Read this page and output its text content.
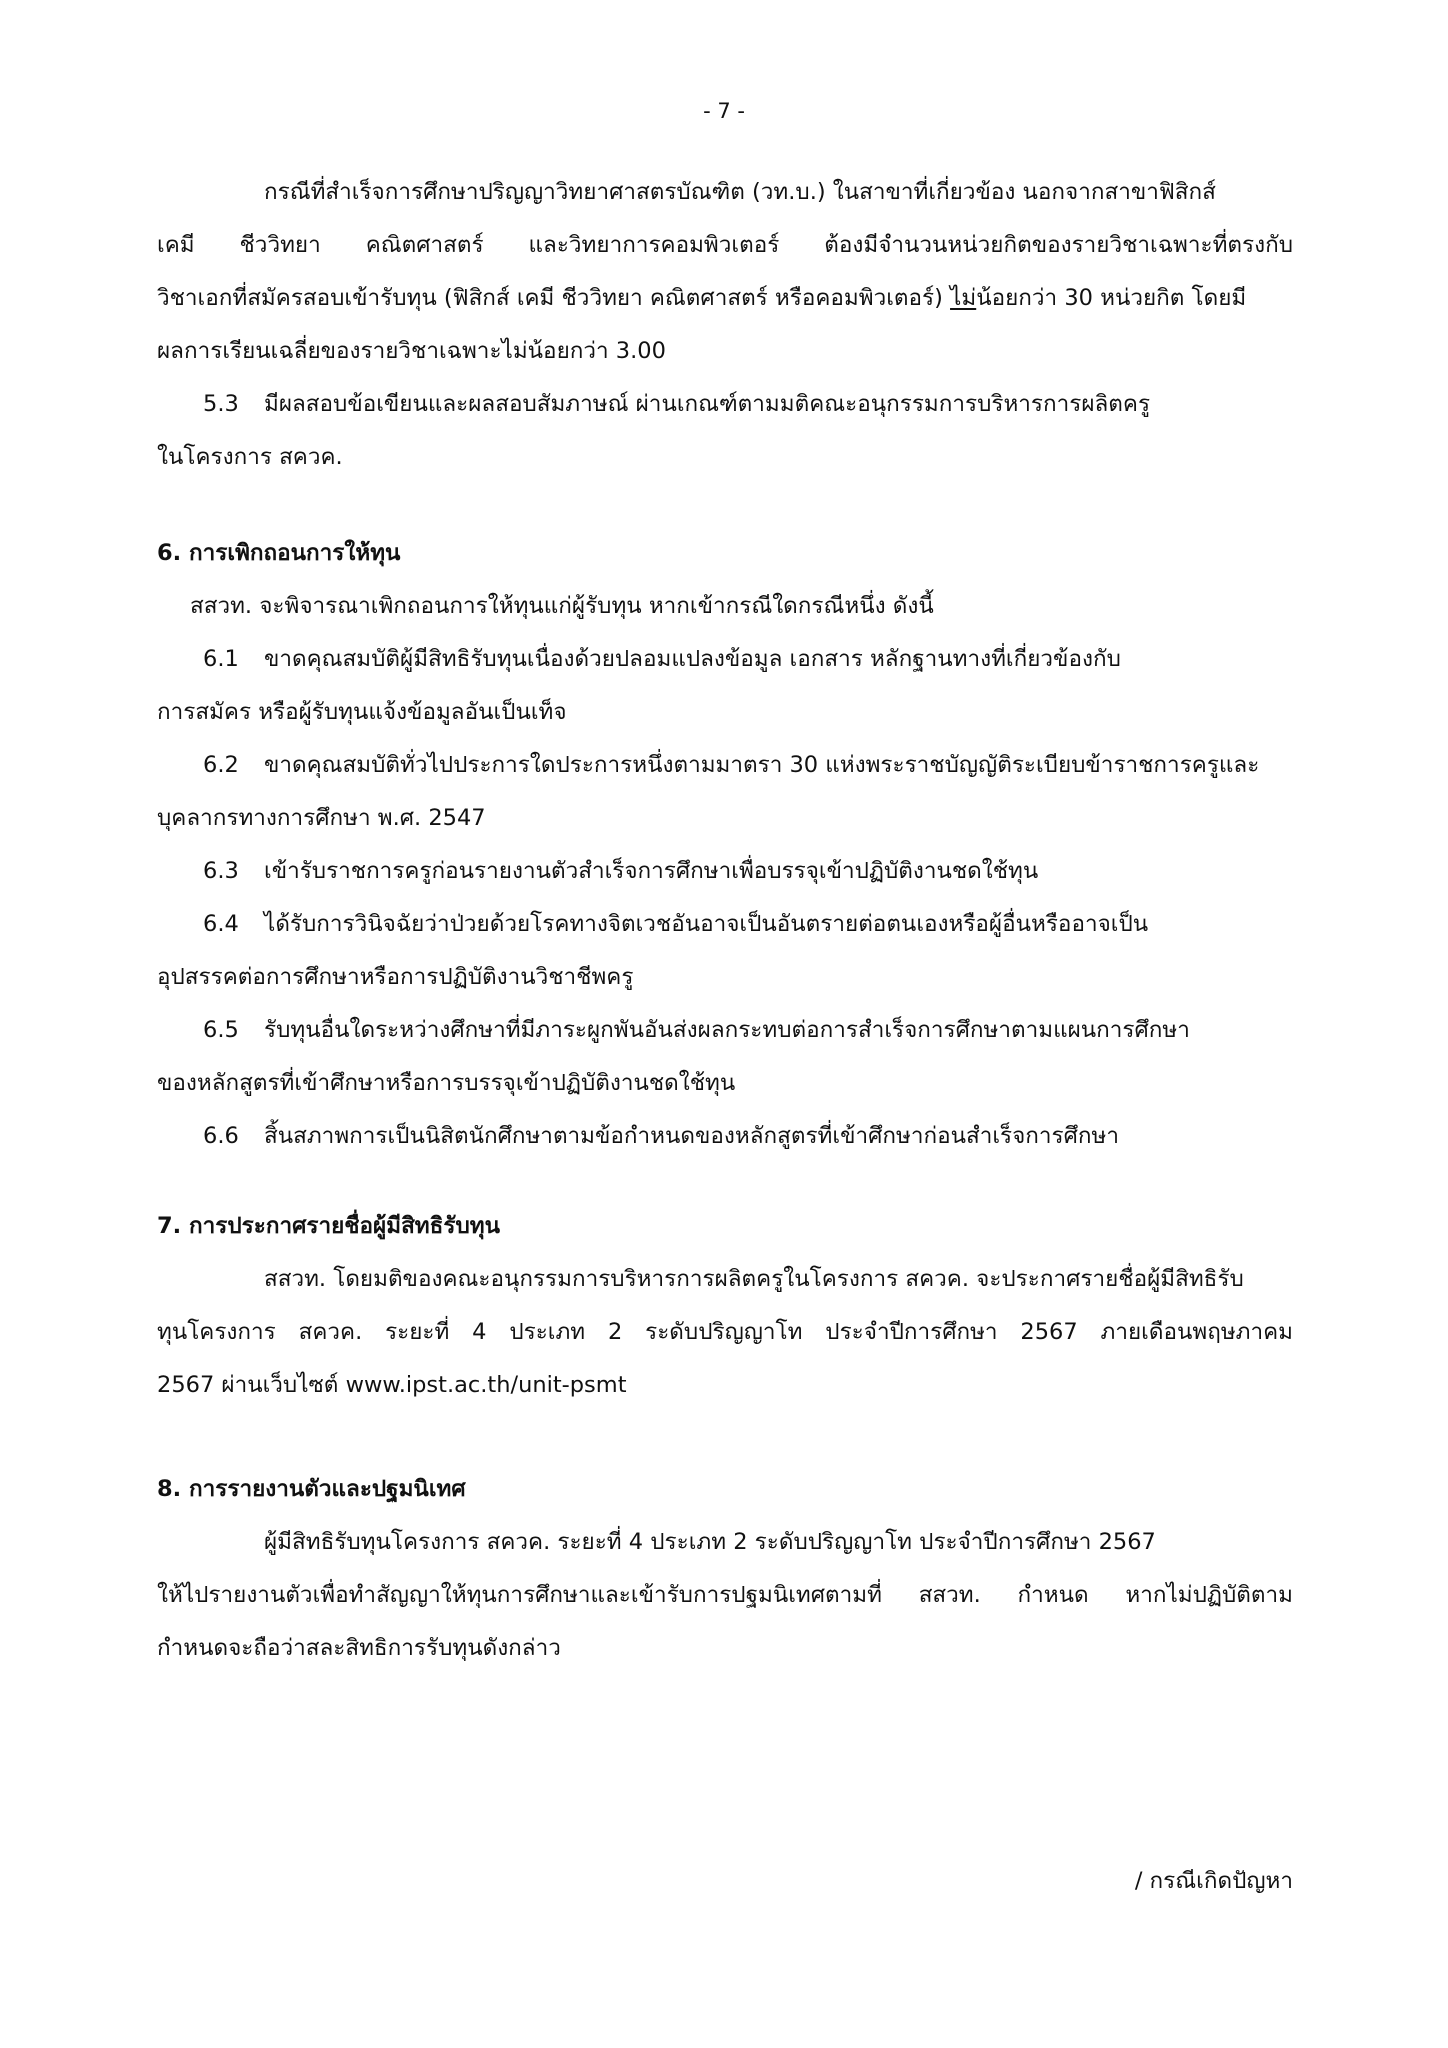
- 7 -
กรณีที่สำเร็จการศึกษาปริญญาวิทยาศาสตรบัณฑิต (วท.บ.) ในสาขาที่เกี่ยวข้อง นอกจากสาขาฟิสิกส์
เคมี ชีววิทยา คณิตศาสตร์ และวิทยาการคอมพิวเตอร์ ต้องมีจำนวนหน่วยกิตของรายวิชาเฉพาะที่ตรงกับ
วิชาเอกที่สมัครสอบเข้ารับทุน (ฟิสิกส์ เคมี ชีววิทยา คณิตศาสตร์ หรือคอมพิวเตอร์) ไม่น้อยกว่า 30 หน่วยกิต โดยมี
ผลการเรียนเฉลี่ยของรายวิชาเฉพาะไม่น้อยกว่า 3.00
5.3	มีผลสอบข้อเขียนและผลสอบสัมภาษณ์ ผ่านเกณฑ์ตามมติคณะอนุกรรมการบริหารการผลิตครู
ในโครงการ สควค.
6. การเพิกถอนการให้ทุน
สสวท. จะพิจารณาเพิกถอนการให้ทุนแก่ผู้รับทุน หากเข้ากรณีใดกรณีหนึ่ง ดังนี้
6.1	ขาดคุณสมบัติผู้มีสิทธิรับทุนเนื่องด้วยปลอมแปลงข้อมูล เอกสาร หลักฐานทางที่เกี่ยวข้องกับ
การสมัคร หรือผู้รับทุนแจ้งข้อมูลอันเป็นเท็จ
6.2	ขาดคุณสมบัติทั่วไปประการใดประการหนึ่งตามมาตรา 30 แห่งพระราชบัญญัติระเบียบข้าราชการครูและ
บุคลากรทางการศึกษา พ.ศ. 2547
6.3	เข้ารับราชการครูก่อนรายงานตัวสำเร็จการศึกษาเพื่อบรรจุเข้าปฏิบัติงานชดใช้ทุน
6.4	ได้รับการวินิจฉัยว่าป่วยด้วยโรคทางจิตเวชอันอาจเป็นอันตรายต่อตนเองหรือผู้อื่นหรืออาจเป็น
อุปสรรคต่อการศึกษาหรือการปฏิบัติงานวิชาชีพครู
6.5	รับทุนอื่นใดระหว่างศึกษาที่มีภาระผูกพันอันส่งผลกระทบต่อการสำเร็จการศึกษาตามแผนการศึกษา
ของหลักสูตรที่เข้าศึกษาหรือการบรรจุเข้าปฏิบัติงานชดใช้ทุน
6.6	สิ้นสภาพการเป็นนิสิตนักศึกษาตามข้อกำหนดของหลักสูตรที่เข้าศึกษาก่อนสำเร็จการศึกษา
7. การประกาศรายชื่อผู้มีสิทธิรับทุน
สสวท. โดยมติของคณะอนุกรรมการบริหารการผลิตครูในโครงการ สควค. จะประกาศรายชื่อผู้มีสิทธิรับ
ทุนโครงการ สควค. ระยะที่ 4 ประเภท 2 ระดับปริญญาโท ประจำปีการศึกษา 2567 ภายเดือนพฤษภาคม
2567 ผ่านเว็บไซต์ www.ipst.ac.th/unit-psmt
8. การรายงานตัวและปฐมนิเทศ
ผู้มีสิทธิรับทุนโครงการ สควค. ระยะที่ 4 ประเภท 2 ระดับปริญญาโท ประจำปีการศึกษา 2567
ให้ไปรายงานตัวเพื่อทำสัญญาให้ทุนการศึกษาและเข้ารับการปฐมนิเทศตามที่ สสวท. กำหนด หากไม่ปฏิบัติตาม
กำหนดจะถือว่าสละสิทธิการรับทุนดังกล่าว
/ กรณีเกิดปัญหา
